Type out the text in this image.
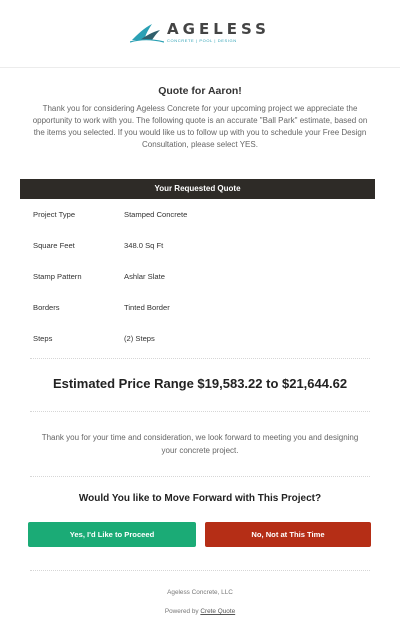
AGELESS
CONCRETE | POOL | DESIGN
Quote for Aaron!
Thank you for considering Ageless Concrete for your upcoming project we appreciate the opportunity to work with you. The following quote is an accurate "Ball Park" estimate, based on the items you selected. If you would like us to follow up with you to schedule your Free Design Consultation, please select YES.
Your Requested Quote
Project Type	Stamped Concrete
Square Feet	348.0 Sq Ft
Stamp Pattern	Ashlar Slate
Borders	Tinted Border
Steps	(2) Steps
Estimated Price Range $19,583.22 to $21,644.62
Thank you for your time and consideration, we look forward to meeting you and designing your concrete project.
Would You like to Move Forward with This Project?
Yes, I'd Like to Proceed	No, Not at This Time
Ageless Concrete, LLC
Powered by Crete Quote
